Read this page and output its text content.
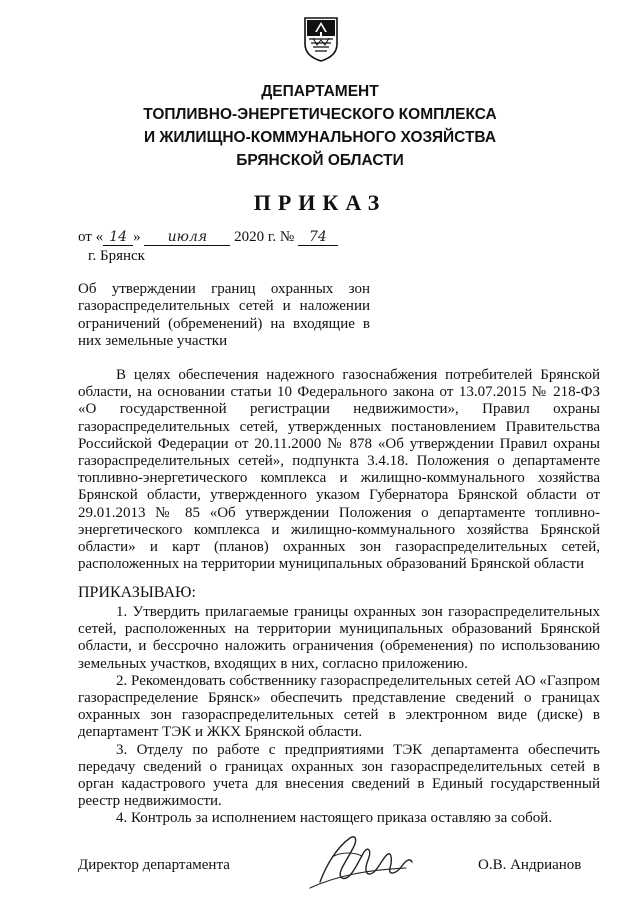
ДЕПАРТАМЕНТ
ТОПЛИВНО-ЭНЕРГЕТИЧЕСКОГО КОМПЛЕКСА
И ЖИЛИЩНО-КОММУНАЛЬНОГО ХОЗЯЙСТВА
БРЯНСКОЙ ОБЛАСТИ
ПРИКАЗ
от « 14 » июля 2020 г. № 74
г. Брянск
Об утверждении границ охранных зон газораспределительных сетей и наложении ограничений (обременений) на входящие в них земельные участки

В целях обеспечения надежного газоснабжения потребителей Брянской области, на основании статьи 10 Федерального закона от 13.07.2015 № 218-ФЗ «О государственной регистрации недвижимости», Правил охраны газораспределительных сетей, утвержденных постановлением Правительства Российской Федерации от 20.11.2000 № 878 «Об утверждении Правил охраны газораспределительных сетей», подпункта 3.4.18. Положения о департаменте топливно-энергетического комплекса и жилищно-коммунального хозяйства Брянской области, утвержденного указом Губернатора Брянской области от 29.01.2013 № 85 «Об утверждении Положения о департаменте топливно-энергетического комплекса и жилищно-коммунального хозяйства Брянской области» и карт (планов) охранных зон газораспределительных сетей, расположенных на территории муниципальных образований Брянской области

ПРИКАЗЫВАЮ:

1. Утвердить прилагаемые границы охранных зон газораспределительных сетей, расположенных на территории муниципальных образований Брянской области, и бессрочно наложить ограничения (обременения) по использованию земельных участков, входящих в них, согласно приложению.

2. Рекомендовать собственнику газораспределительных сетей АО «Газпром газораспределение Брянск» обеспечить представление сведений о границах охранных зон газораспределительных сетей в электронном виде (диске) в департамент ТЭК и ЖКХ Брянской области.

3. Отделу по работе с предприятиями ТЭК департамента обеспечить передачу сведений о границах охранных зон газораспределительных сетей в орган кадастрового учета для внесения сведений в Единый государственный реестр недвижимости.

4. Контроль за исполнением настоящего приказа оставляю за собой.

Директор департамента	О.В. Андрианов
